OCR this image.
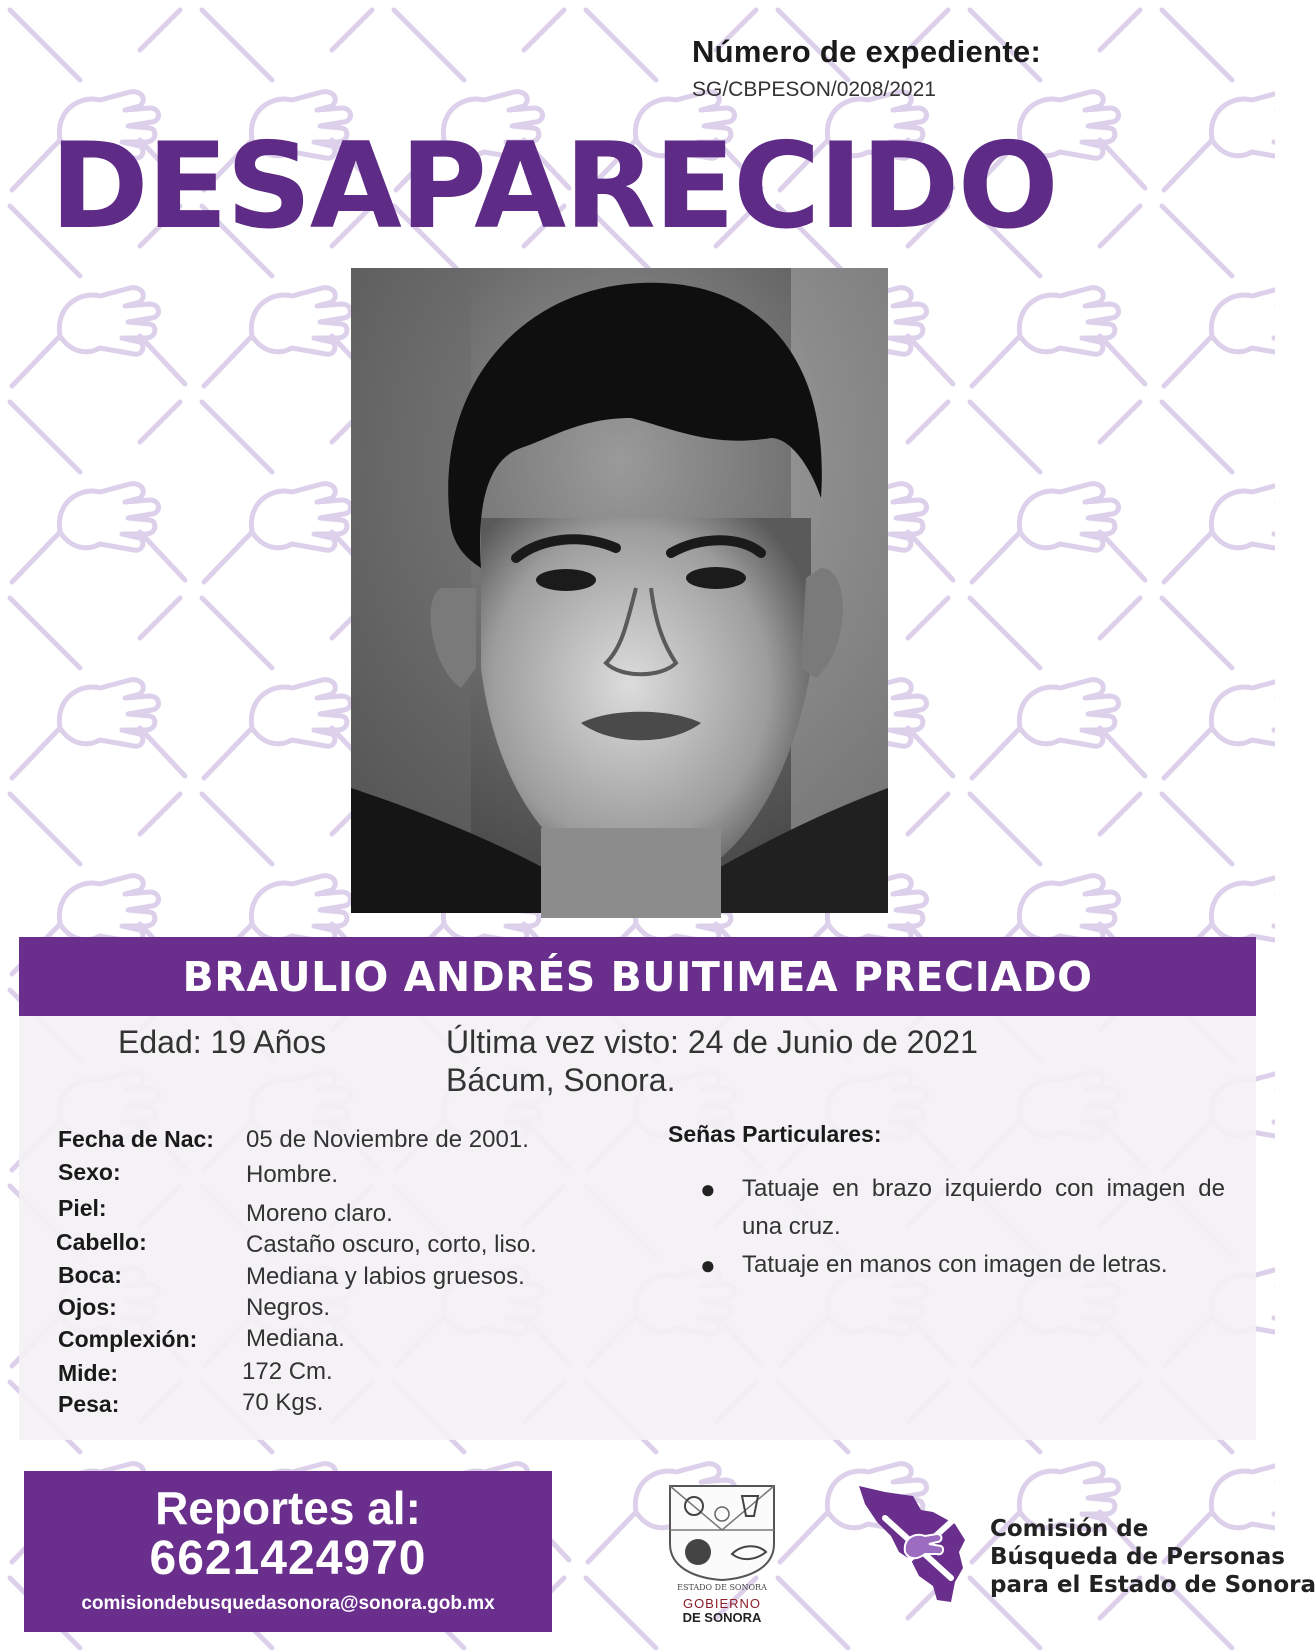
Número de expediente:
SG/CBPESON/0208/2021
DESAPARECIDO
BRAULIO ANDRÉS BUITIMEA PRECIADO
Edad: 19 Años	Última vez visto: 24 de Junio de 2021
Bácum, Sonora.
Fecha de Nac: 05 de Noviembre de 2001.
Sexo:	Hombre.
Piel:	Moreno claro.
Cabello:	Castaño oscuro, corto, liso.
Boca:	Mediana y labios gruesos.
Ojos:	Negros.
Complexión: Mediana.
Mide:	172 Cm.
Pesa:	70 Kgs.
Señas Particulares:
● Tatuaje en brazo izquierdo con imagen de una cruz.
● Tatuaje en manos con imagen de letras.
Reportes al:
6621424970
comisiondebusquedasonora@sonora.gob.mx
ESTADO DE SONORA
GOBIERNO
DE SONORA
Comisión de
Búsqueda de Personas
para el Estado de Sonora
